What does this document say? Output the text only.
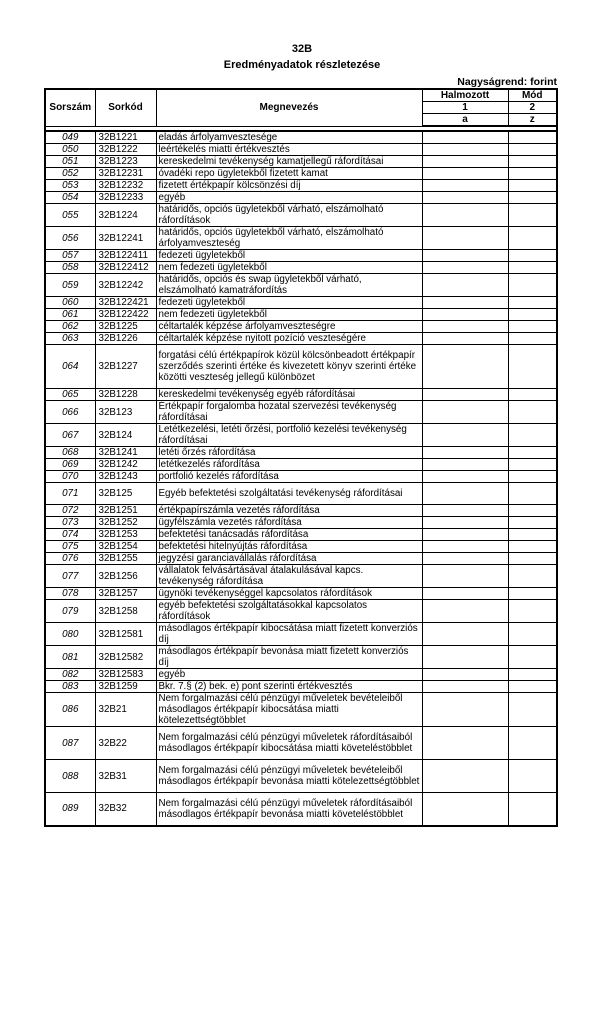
32B
Eredményadatok részletezése
Nagyságrend: forint
Sorszám	Sorkód	Megnevezés	Halmozott	Mód
			1	2
			a	z

049	32B1221	eladás árfolyamvesztesége		
050	32B1222	leértékelés miatti értékvesztés		
051	32B1223	kereskedelmi tevékenység kamatjellegű ráfordításai		
052	32B12231	óvadéki repo ügyletekből fizetett kamat		
053	32B12232	fizetett értékpapír kölcsönzési díj		
054	32B12233	egyéb		
055	32B1224	határidős, opciós ügyletekből várható, elszámolható ráfordítások		
056	32B12241	határidős, opciós ügyletekből várható, elszámolható árfolyamveszteség		
057	32B122411	fedezeti ügyletekből		
058	32B122412	nem fedezeti ügyletekből		
059	32B12242	határidős, opciós és swap ügyletekből várható, elszámolható kamatráfordítás		
060	32B122421	fedezeti ügyletekből		
061	32B122422	nem fedezeti ügyletekből		
062	32B1225	céltartalék képzése árfolyamveszteségre		
063	32B1226	céltartalék képzése nyitott pozíció veszteségére		
064	32B1227	forgatási célú értékpapírok közül kölcsönbeadott értékpapír szerződés szerinti értéke és kivezetett könyv szerinti értéke közötti veszteség jellegű különbözet		
065	32B1228	kereskedelmi tevékenység egyéb ráfordításai		
066	32B123	Értékpapír forgalomba hozatal szervezési tevékenység ráfordításai		
067	32B124	Letétkezelési, letéti őrzési, portfolió kezelési tevékenység ráfordításai		
068	32B1241	letéti őrzés ráfordítása		
069	32B1242	letétkezelés ráfordítása		
070	32B1243	portfolió kezelés ráfordítása		
071	32B125	Egyéb befektetési szolgáltatási tevékenység ráfordításai		
072	32B1251	értékpapírszámla vezetés ráfordítása		
073	32B1252	ügyfélszámla vezetés ráfordítása		
074	32B1253	befektetési tanácsadás ráfordítása		
075	32B1254	befektetési hitelnyújtás ráfordítása		
076	32B1255	jegyzési garanciavállalás ráfordítása		
077	32B1256	vállalatok felvásártásával átalakulásával kapcs. tevékenység ráfordítása		
078	32B1257	ügynöki tevékenységgel kapcsolatos ráfordítások		
079	32B1258	egyéb befektetési szolgáltatásokkal kapcsolatos ráfordítások		
080	32B12581	másodlagos értékpapír kibocsátása miatt fizetett konverziós díj		
081	32B12582	másodlagos értékpapír bevonása miatt fizetett konverziós díj		
082	32B12583	egyéb		
083	32B1259	Bkr. 7.§ (2) bek. e) pont szerinti értékvesztés		
086	32B21	Nem forgalmazási célú pénzügyi műveletek bevételeiből másodlagos értékpapír kibocsátása miatti kötelezettségtöbblet		
087	32B22	Nem forgalmazási célú pénzügyi műveletek ráfordításaiból másodlagos értékpapír kibocsátása miatti követeléstöbblet		
088	32B31	Nem forgalmazási célú pénzügyi műveletek bevételeiből másodlagos értékpapír bevonása miatti kötelezettségtöbblet		
089	32B32	Nem forgalmazási célú pénzügyi műveletek ráfordításaiból másodlagos értékpapír bevonása miatti követeléstöbblet		
